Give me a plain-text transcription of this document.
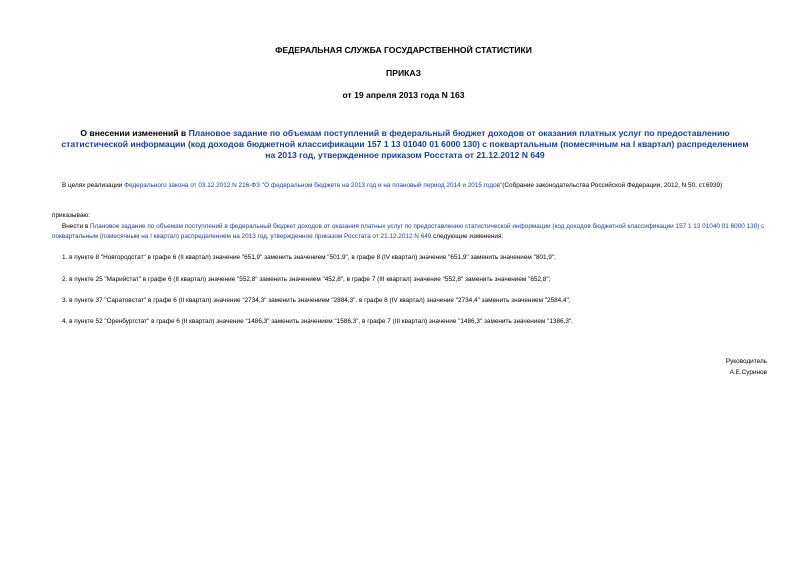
ФЕДЕРАЛЬНАЯ СЛУЖБА ГОСУДАРСТВЕННОЙ СТАТИСТИКИ
ПРИКАЗ
от 19 апреля 2013 года N 163
О внесении изменений в Плановое задание по объемам поступлений в федеральный бюджет доходов от оказания платных услуг по предоставлению статистической информации (код доходов бюджетной классификации 157 1 13 01040 01 6000 130) с поквартальным (помесячным на I квартал) распределением на 2013 год, утвержденное приказом Росстата от 21.12.2012 N 649
В целях реализации Федерального закона от 03.12.2012 N 216-ФЗ "О федеральном бюджете на 2013 год и на плановый период 2014 и 2015 годов"(Собрание законодательства Российской Федерации, 2012, N 50, ст.6939)
приказываю:
Внести в Плановое задание по объемам поступлений в федеральный бюджет доходов от оказания платных услуг по предоставлению статистической информации (код доходов бюджетной классификации 157 1 13 01040 01 6000 130) с поквартальным (помесячным на I квартал) распределением на 2013 год, утвержденное приказом Росстата от 21.12.2012 N 649 следующие изменения:
1. в пункте 8 "Новгородстат" в графе 6 (II квартал) значение "651,9" заменить значением "501,9", в графе 8 (IV квартал) значение "651,9" заменить значением "801,9";
2. в пункте 25 "Марийстат" в графе 6 (II квартал) значение "552,8" заменить значением "452,8", в графе 7 (III квартал) значение "552,8" заменить значением "652,8";
3. в пункте 37 "Саратовстат" в графе 6 (II квартал) значение "2734,3" заменить значением "2884,3", в графе 8 (IV квартал) значение "2734,4" заменить значением "2584,4";
4. в пункте 52 "Оренбургстат" в графе 6 (II квартал) значение "1486,3" заменить значением "1586,3", в графе 7 (III квартал) значение "1486,3" заменить значением "1386,3".
Руководитель
А.Е.Суринов
